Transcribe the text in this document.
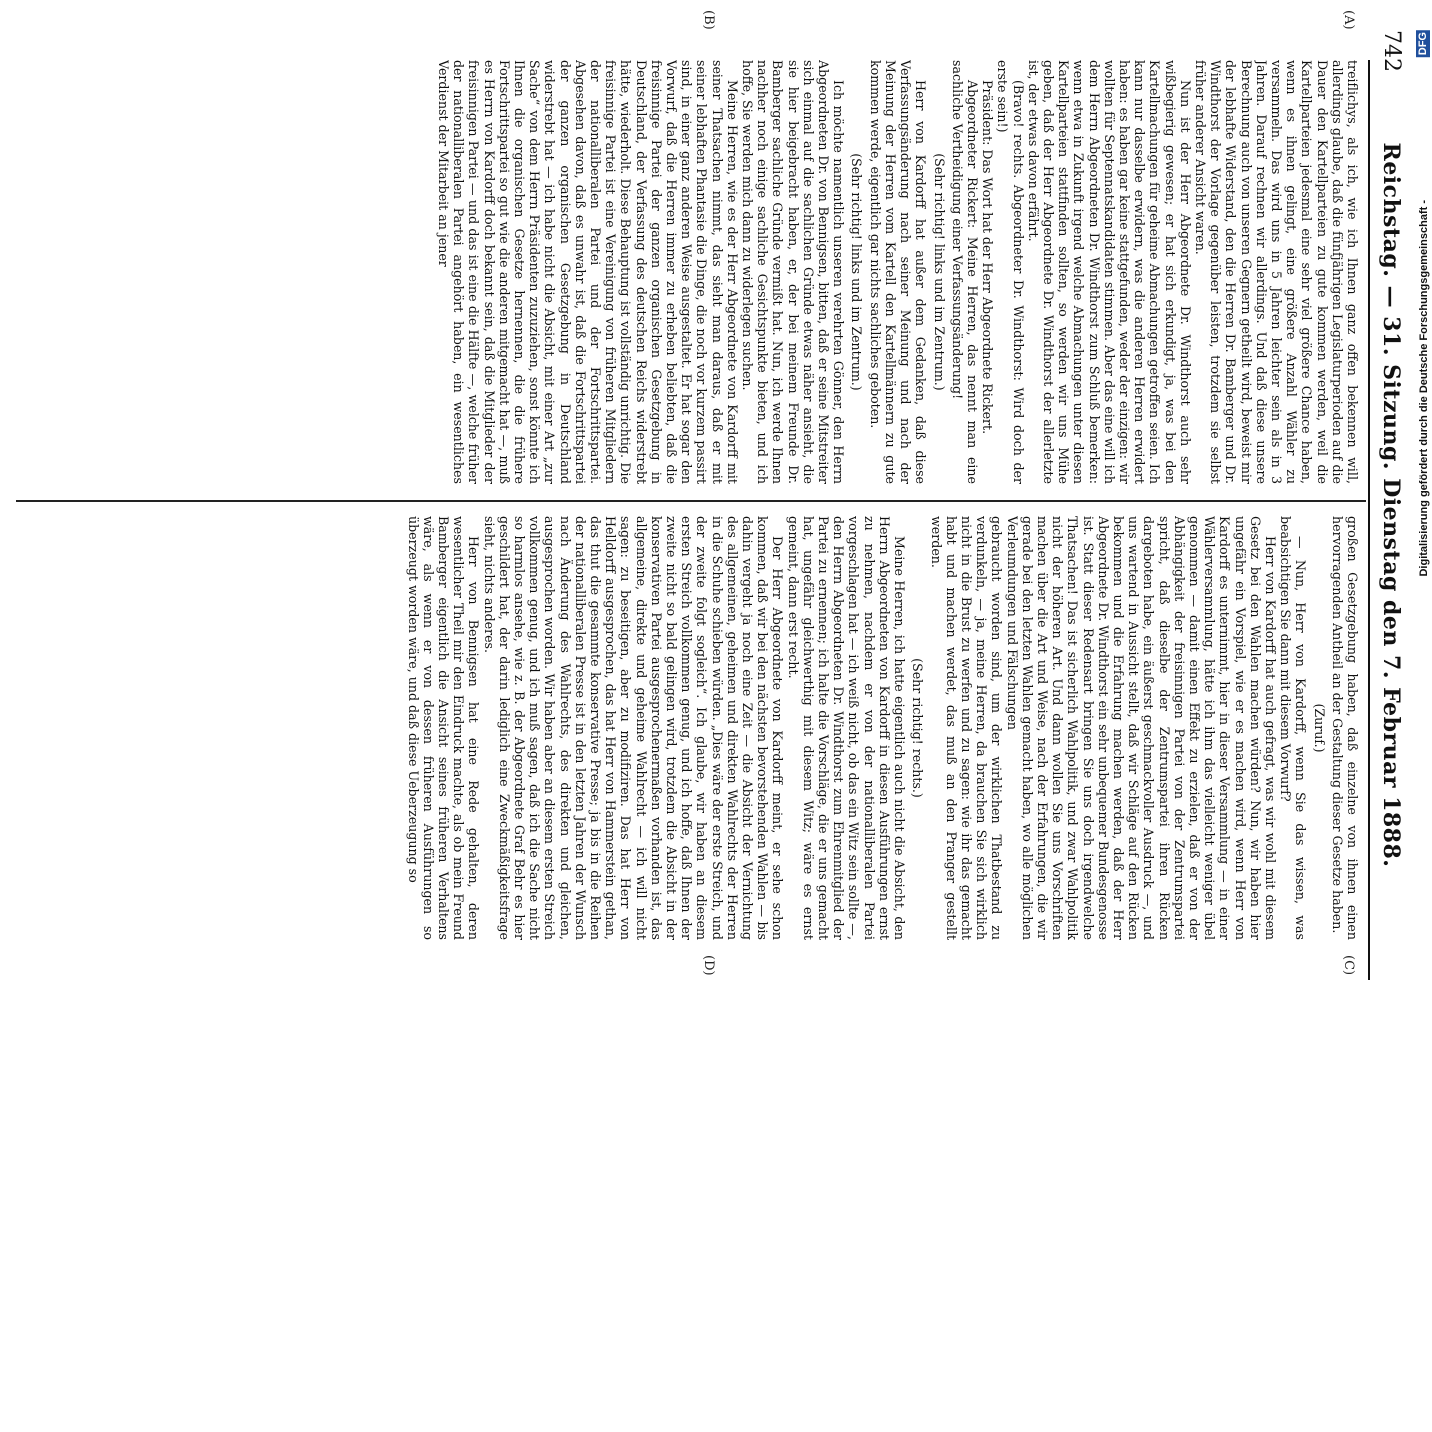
742
Reichstag. — 31. Sitzung. Dienstag den 7. Februar 1888.
(A)
(B)
(C)
(D)

treiflichys, als ich, wie ich Ihnen ganz offen bekennen will, allerdings glaube, daß die fünfjährigen Legislaturperioden auf die Dauer den Kartellparteien zu gute kommen werden, weil die Kartellparteien jedesmal eine sehr viel größere Chance haben, wenn es ihnen gelingt, eine größere Anzahl Wähler zu versammeln. Das wird uns in 5 Jahren leichter sein als in 3 Jahren. Darauf rechnen wir allerdings. Und daß diese unsere Berechnung auch von unseren Gegnern getheilt wird, beweist mir der lebhafte Widerstand, den die Herren Dr. Bamberger und Dr. Windthorst der Vorlage gegenüber leisten, trotzdem sie selbst früher anderer Ansicht waren.

Nun ist der Herr Abgeordnete Dr. Windthorst auch sehr wißbegierig gewesen; er hat sich erkundigt, ja, was bei den Kartellmachungen für geheime Abmachungen getroffen seien. Ich kann nur dasselbe erwidern, was die anderen Herren erwidert haben: es haben gar keine stattgefunden, weder der einzigen: wir wollten für Septennatskandidaten stimmen. Aber das eine will ich dem Herrn Abgeordneten Dr. Windthorst zum Schluß bemerken: wenn etwa in Zukunft irgend welche Abmachungen unter diesen Kartellparteien stattfinden sollten, so werden wir uns Mühe geben, daß der Herr Abgeordnete Dr. Windthorst der allerletzte ist, der etwas davon erfährt.

(Bravo! rechts. Abgeordneter Dr. Windthorst: Wird doch der erste sein!)

Präsident: Das Wort hat der Herr Abgeordnete Rickert.

Abgeordneter Rickert: Meine Herren, das nennt man eine sachliche Vertheidigung einer Verfassungsänderung!

(Sehr richtig! links und im Zentrum.)

Herr von Kardorff hat außer dem Gedanken, daß diese Verfassungsänderung nach seiner Meinung und nach der Meinung der Herren vom Kartell den Kartellmännern zu gute kommen werde, eigentlich gar nichts sachliches geboten.

(Sehr richtig! links und im Zentrum.)

Ich möchte namentlich unseren verehrten Gönner, den Herrn Abgeordneten Dr. von Bennigsen, bitten, daß er seine Mitstreiter sich einmal auf die sachlichen Gründe etwas näher ansieht, die sie hier beigebracht haben, er, der bei meinem Freunde Dr. Bamberger sachliche Gründe vermißt hat. Nun, ich werde Ihnen nachher noch einige sachliche Gesichtspunkte bieten, und ich hoffe, Sie werden mich dann zu widerlegen suchen.

Meine Herren, wie es der Herr Abgeordnete von Kardorff mit seiner Thatsachen nimmt, das sieht man daraus, daß er mit seiner lebhaften Phantasie die Dinge, die noch vor kurzem passirt sind, in einer ganz anderen Weise ausgestaltet. Er hat sogar den Vorwurf, daß die Herren immer zu erheben beliebten, daß die freisinnige Partei der ganzen organischen Gesetzgebung in Deutschland, der Verfassung des deutschen Reichs widerstrebt hätte, wiederholt. Diese Behauptung ist vollständig unrichtig. Die freisinnige Partei ist eine Vereinigung von früheren Mitgliedern der nationalliberalen Partei und der Fortschrittspartei. Abgesehen davon, daß es unwahr ist, daß die Fortschrittspartei der ganzen organischen Gesetzgebung in Deutschland widerstrebt hat — ich habe nicht die Absicht, mit einer Art „zur Sache“ von dem Herrn Präsidenten zuzuziehen, sonst könnte ich Ihnen die organischen Gesetze hernennen, die die frühere Fortschrittspartei so gut wie die anderen mitgemacht hat —, muß es Herrn von Kardorff doch bekannt sein, daß die Mitglieder der freisinnigen Partei — und das ist eine die Hälfte —, welche früher der nationalliberalen Partei angehört haben, ein wesentliches Verdienst der Mitarbeit an jener

großen Gesetzgebung haben, daß einzelne von ihnen einen hervorragenden Antheil an der Gestaltung dieser Gesetze haben.

(Zuruf.)

— Nun, Herr von Kardorff, wenn Sie das wissen, was beabsichtigen Sie dann mit diesem Vorwurf?

Herr von Kardorff hat auch gefragt, was wir wohl mit diesem Gesetz bei den Wahlen machen würden? Nun, wir haben hier ungefähr ein Vorspiel, wie er es machen wird, wenn Herr von Kardorff es unternimmt, hier in dieser Versammlung — in einer Wählerversammlung, hätte ich ihm das vielleicht weniger übel genommen — damit einen Effekt zu erzielen, daß er von der Abhängigkeit der freisinnigen Partei von der Zentrumspartei spricht, daß dieselbe der Zentrumspartei ihren Rücken dargeboten habe, ein äußerst geschmackvoller Ausdruck —, und uns wartend in Aussicht stellt, daß wir Schläge auf den Rücken bekommen und die Erfahrung machen werden, daß der Herr Abgeordnete Dr. Windthorst ein sehr unbequemer Bundesgenosse ist. Statt dieser Redensart bringen Sie uns doch irgendwelche Thatsachen! Das ist sicherlich Wahlpolitik, und zwar Wahlpolitik nicht der höheren Art. Und dann wollen Sie uns Vorschriften machen über die Art und Weise, nach der Erfahrungen, die wir gerade bei den letzten Wahlen gemacht haben, wo alle möglichen Verleumdungen und Fälschungen

gebraucht worden sind, um der wirklichen Thatbestand zu verdunkeln, — ja, meine Herren, da brauchen Sie sich wirklich nicht in die Brust zu werfen und zu sagen: wie ihr das gemacht habt und machen werdet, das muß an den Pranger gestellt werden.

(Sehr richtig! rechts.)

Meine Herren, ich hatte eigentlich auch nicht die Absicht, den Herrn Abgeordneten von Kardorff in diesen Ausführungen ernst zu nehmen, nachdem er von der nationalliberalen Partei vorgeschlagen hat — ich weiß nicht, ob das ein Witz sein sollte —, den Herrn Abgeordneten Dr. Windthorst zum Ehrenmitglied der Partei zu ernennen; ich halte die Vorschläge, die er uns gemacht hat, ungefähr gleichwerthig mit diesem Witz; wäre es ernst gemeint, dann erst recht.

Der Herr Abgeordnete von Kardorff meint, er sehe schon kommen, daß wir bei den nächsten bevorstehenden Wahlen — bis dahin vergeht ja noch eine Zeit — die Absicht der Vernichtung des allgemeinen, geheimen und direkten Wahlrechts der Herren in die Schuhe schieben würden. „Dies wäre der erste Streich, und der zweite folgt sogleich“. Ich glaube, wir haben an diesem ersten Streich vollkommen genug, und ich hoffe, daß Ihnen der zweite nicht so bald gelingen wird, trotzdem die Absicht in der konservativen Partei ausgesprochenermaßen vorhanden ist, das allgemeine, direkte und geheime Wahlrecht — ich will nicht sagen: zu beseitigen, aber zu modifiziren. Das hat Herr von Helldorff ausgesprochen, das hat Herr von Hammerstein gethan, das thut die gesammte konservative Presse; ja bis in die Reihen der nationalliberalen Presse ist in den letzten Jahren der Wunsch nach Änderung des Wahlrechts, des direkten und gleichen, ausgesprochen worden. Wir haben aber an diesem ersten Streich vollkommen genug, und ich muß sagen, daß ich die Sache nicht so harmlos ansehe, wie z. B. der Abgeordnete Graf Behr es hier geschildert hat, der darin lediglich eine Zweckmäßigkeitsfrage sieht, nichts anderes.

Herr von Bennigsen hat eine Rede gehalten, deren wesentlicher Theil mir den Eindruck machte, als ob mein Freund Bamberger eigentlich die Ansicht seines früheren Verhaltens wäre, als wenn er von dessen früheren Ausführungen so überzeugt worden wäre, und daß diese Ueberzeugung so

DFG
Digitalisierung gefördert durch die Deutsche Forschungsgemeinschaft -
